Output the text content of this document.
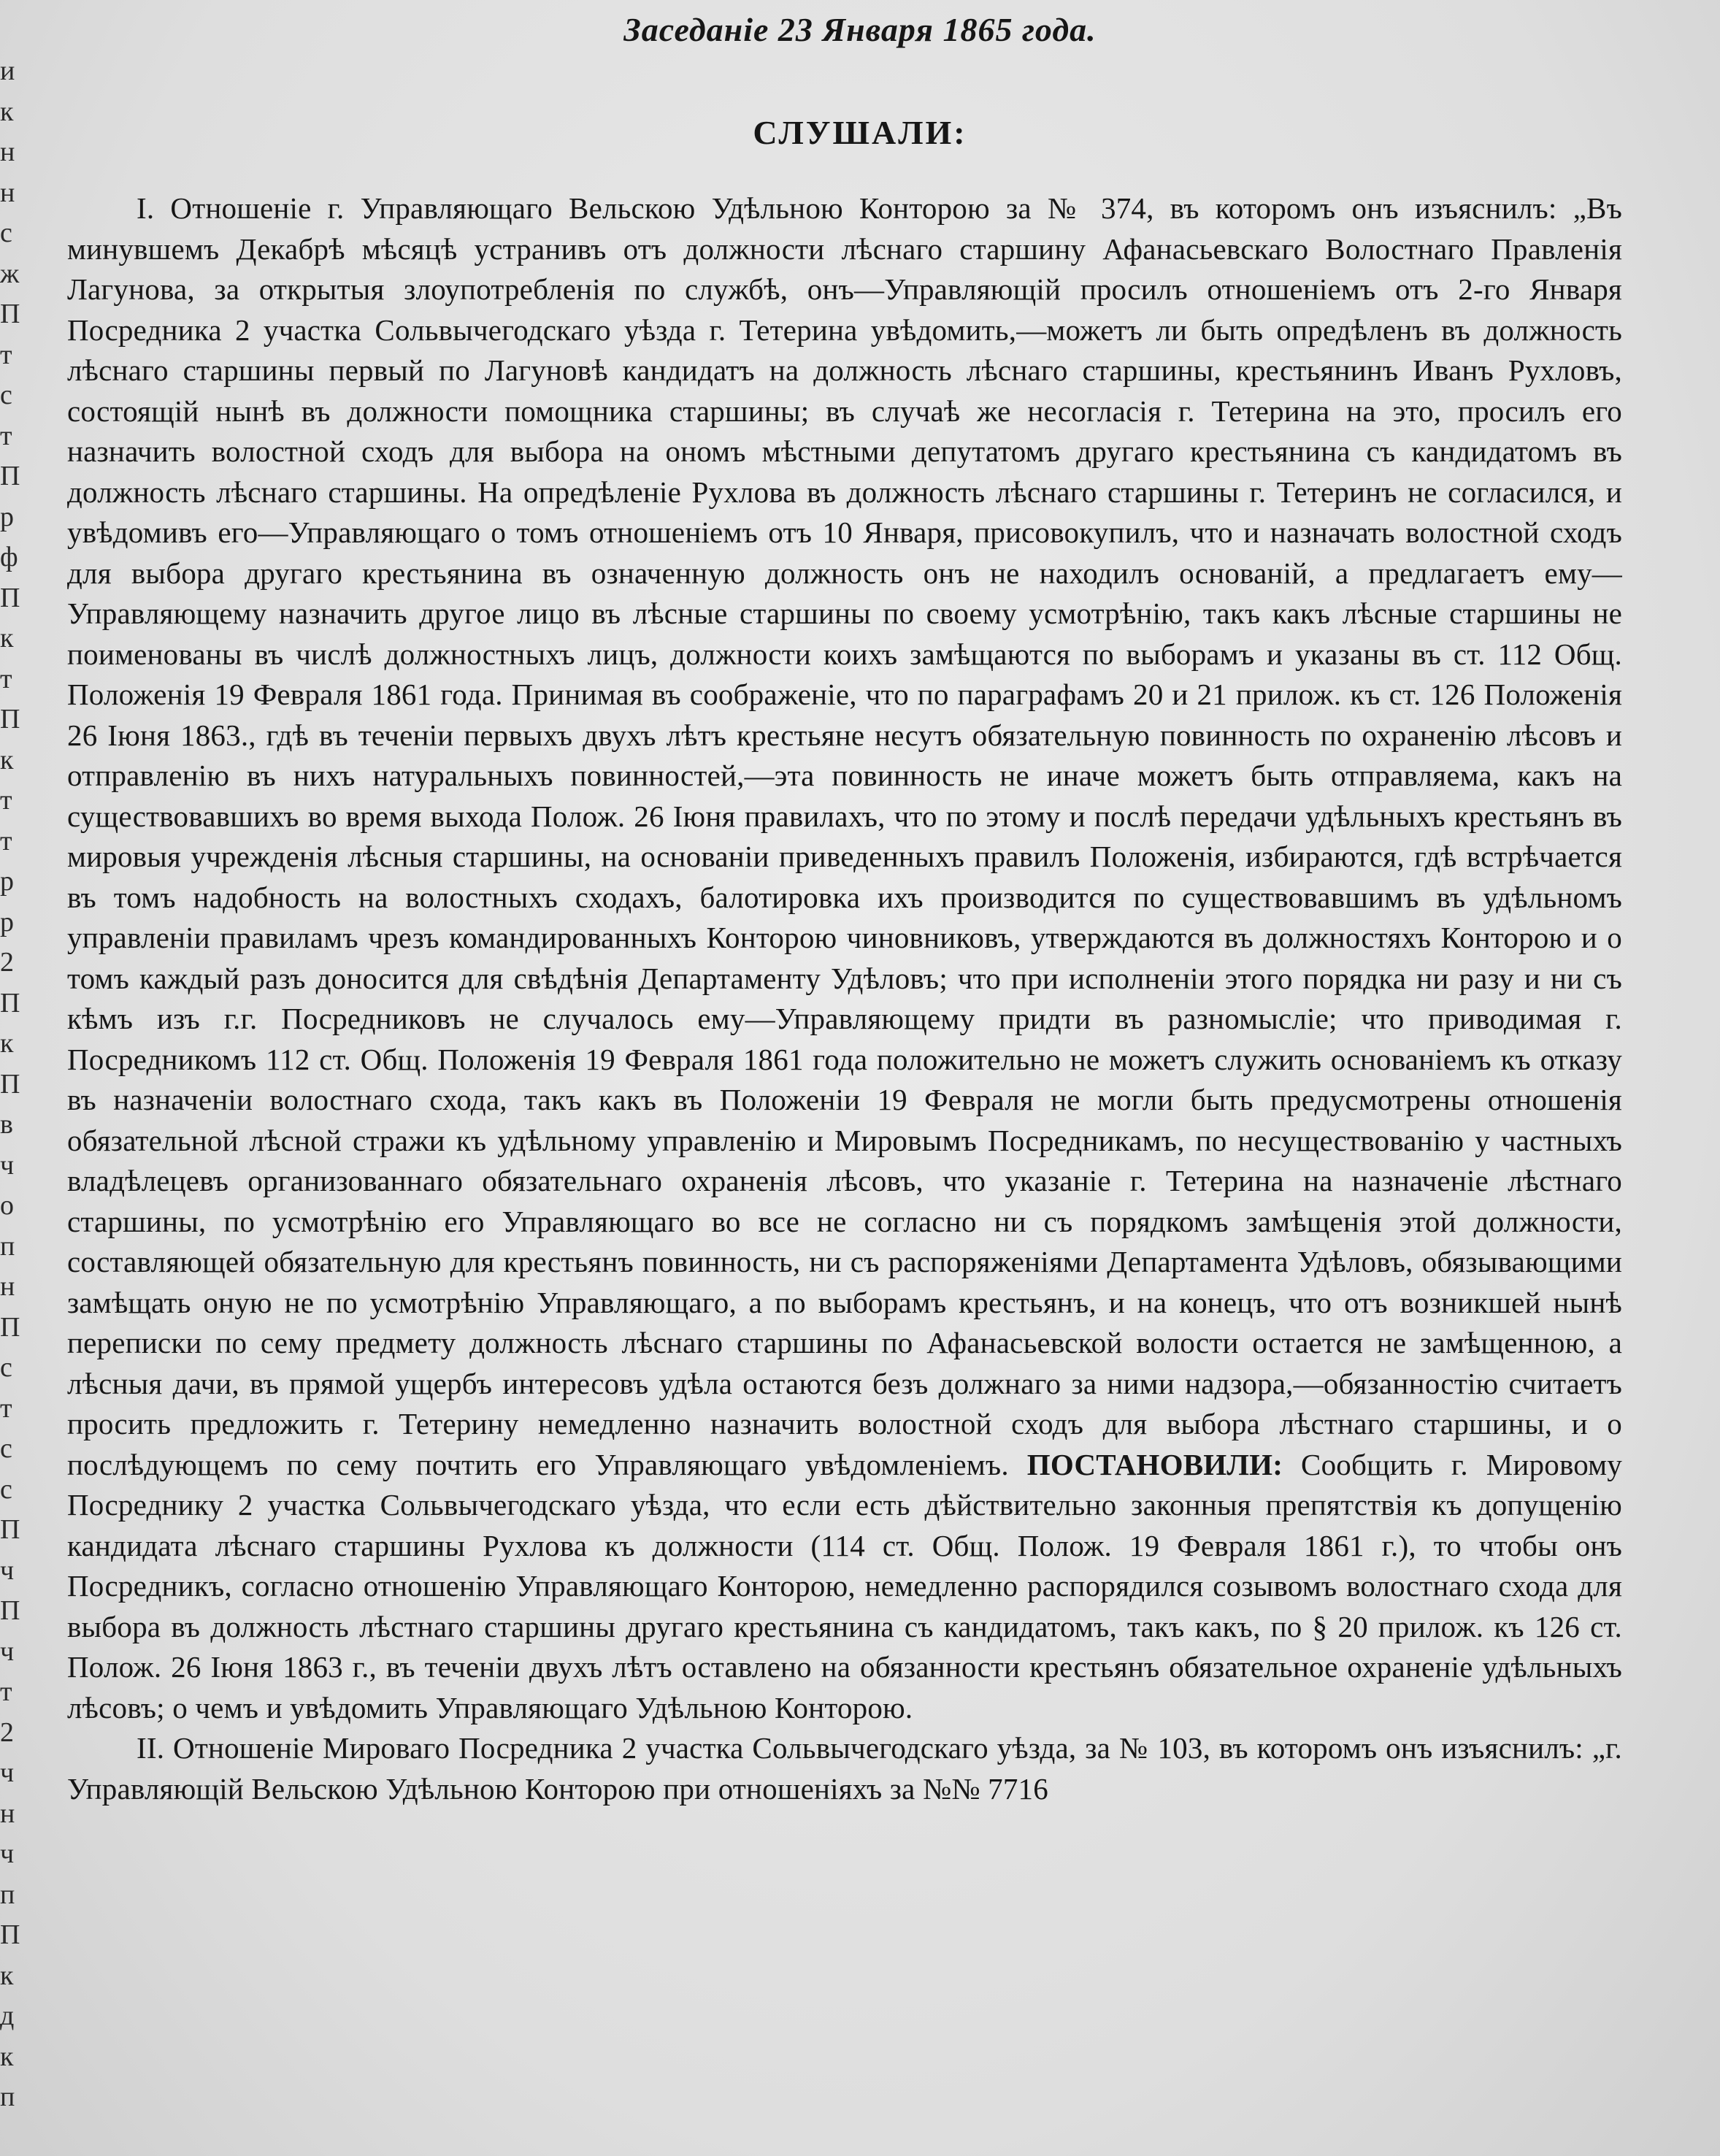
и
к
н
н
с
ж
П
т
с
т
П
р
ф
П
к
т
П
к
т
т
р
р
2
П
к
П
в
ч
о
п
н
П
с
т
с
с
П
ч
П
ч
т
2
ч
н
ч
п
П
к
д
к
п
Заседаніе 23 Января 1865 года.
СЛУШАЛИ:

I. Отношеніе г. Управляющаго Вельскою Удѣльною Конторою за № 374, въ которомъ онъ изъяснилъ: „Въ минувшемъ Декабрѣ мѣсяцѣ устранивъ отъ должности лѣснаго старшину Афанасьевскаго Волостнаго Правленія Лагунова, за открытыя злоупотребленія по службѣ, онъ—Управляющій просилъ отношеніемъ отъ 2-го Января Посредника 2 участка Сольвычегодскаго уѣзда г. Тетерина увѣдомить,—можетъ ли быть опредѣленъ въ должность лѣснаго старшины первый по Лагуновѣ кандидатъ на должность лѣснаго старшины, крестьянинъ Иванъ Рухловъ, состоящій нынѣ въ должности помощника старшины; въ случаѣ же несогласія г. Тетерина на это, просилъ его назначить волостной сходъ для выбора на ономъ мѣстными депутатомъ другаго крестьянина съ кандидатомъ въ должность лѣснаго старшины. На опредѣленіе Рухлова въ должность лѣснаго старшины г. Тетеринъ не согласился, и увѣдомивъ его—Управляющаго о томъ отношеніемъ отъ 10 Января, присовокупилъ, что и назначать волостной сходъ для выбора другаго крестьянина въ означенную должность онъ не находилъ основаній, а предлагаетъ ему—Управляющему назначить другое лицо въ лѣсные старшины по своему усмотрѣнію, такъ какъ лѣсные старшины не поименованы въ числѣ должностныхъ лицъ, должности коихъ замѣщаются по выборамъ и указаны въ ст. 112 Общ. Положенія 19 Февраля 1861 года. Принимая въ соображеніе, что по параграфамъ 20 и 21 прилож. къ ст. 126 Положенія 26 Іюня 1863., гдѣ въ теченіи первыхъ двухъ лѣтъ крестьяне несутъ обязательную повинность по охраненію лѣсовъ и отправленію въ нихъ натуральныхъ повинностей,—эта повинность не иначе можетъ быть отправляема, какъ на существовавшихъ во время выхода Полож. 26 Іюня правилахъ, что по этому и послѣ передачи удѣльныхъ крестьянъ въ мировыя учрежденія лѣсныя старшины, на основаніи приведенныхъ правилъ Положенія, избираются, гдѣ встрѣчается въ томъ надобность на волостныхъ сходахъ, балотировка ихъ производится по существовавшимъ въ удѣльномъ управленіи правиламъ чрезъ командированныхъ Конторою чиновниковъ, утверждаются въ должностяхъ Конторою и о томъ каждый разъ доносится для свѣдѣнія Департаменту Удѣловъ; что при исполненіи этого порядка ни разу и ни съ кѣмъ изъ г.г. Посредниковъ не случалось ему—Управляющему придти въ разномысліе; что приводимая г. Посредникомъ 112 ст. Общ. Положенія 19 Февраля 1861 года положительно не можетъ служить основаніемъ къ отказу въ назначеніи волостнаго схода, такъ какъ въ Положеніи 19 Февраля не могли быть предусмотрены отношенія обязательной лѣсной стражи къ удѣльному управленію и Мировымъ Посредникамъ, по несуществованію у частныхъ владѣлецевъ организованнаго обязательнаго охраненія лѣсовъ, что указаніе г. Тетерина на назначеніе лѣстнаго старшины, по усмотрѣнію его Управляющаго во все не согласно ни съ порядкомъ замѣщенія этой должности, составляющей обязательную для крестьянъ повинность, ни съ распоряженіями Департамента Удѣловъ, обязывающими замѣщать оную не по усмотрѣнію Управляющаго, а по выборамъ крестьянъ, и на конецъ, что отъ возникшей нынѣ переписки по сему предмету должность лѣснаго старшины по Афанасьевской волости остается не замѣщенною, а лѣсныя дачи, въ прямой ущербъ интересовъ удѣла остаются безъ должнаго за ними надзора,—обязанностію считаетъ просить предложить г. Тетерину немедленно назначить волостной сходъ для выбора лѣстнаго старшины, и о послѣдующемъ по сему почтить его Управляющаго увѣдомленіемъ. ПОСТАНОВИЛИ: Сообщить г. Мировому Посреднику 2 участка Сольвычегодскаго уѣзда, что если есть дѣйствительно законныя препятствія къ допущенію кандидата лѣснаго старшины Рухлова къ должности (114 ст. Общ. Полож. 19 Февраля 1861 г.), то чтобы онъ Посредникъ, согласно отношенію Управляющаго Конторою, немедленно распорядился созывомъ волостнаго схода для выбора въ должность лѣстнаго старшины другаго крестьянина съ кандидатомъ, такъ какъ, по § 20 прилож. къ 126 ст. Полож. 26 Іюня 1863 г., въ теченіи двухъ лѣтъ оставлено на обязанности крестьянъ обязательное охраненіе удѣльныхъ лѣсовъ; о чемъ и увѣдомить Управляющаго Удѣльною Конторою.

II. Отношеніе Мироваго Посредника 2 участка Сольвычегодскаго уѣзда, за № 103, въ которомъ онъ изъяснилъ: „г. Управляющій Вельскою Удѣльною Конторою при отношеніяхъ за №№ 7716
